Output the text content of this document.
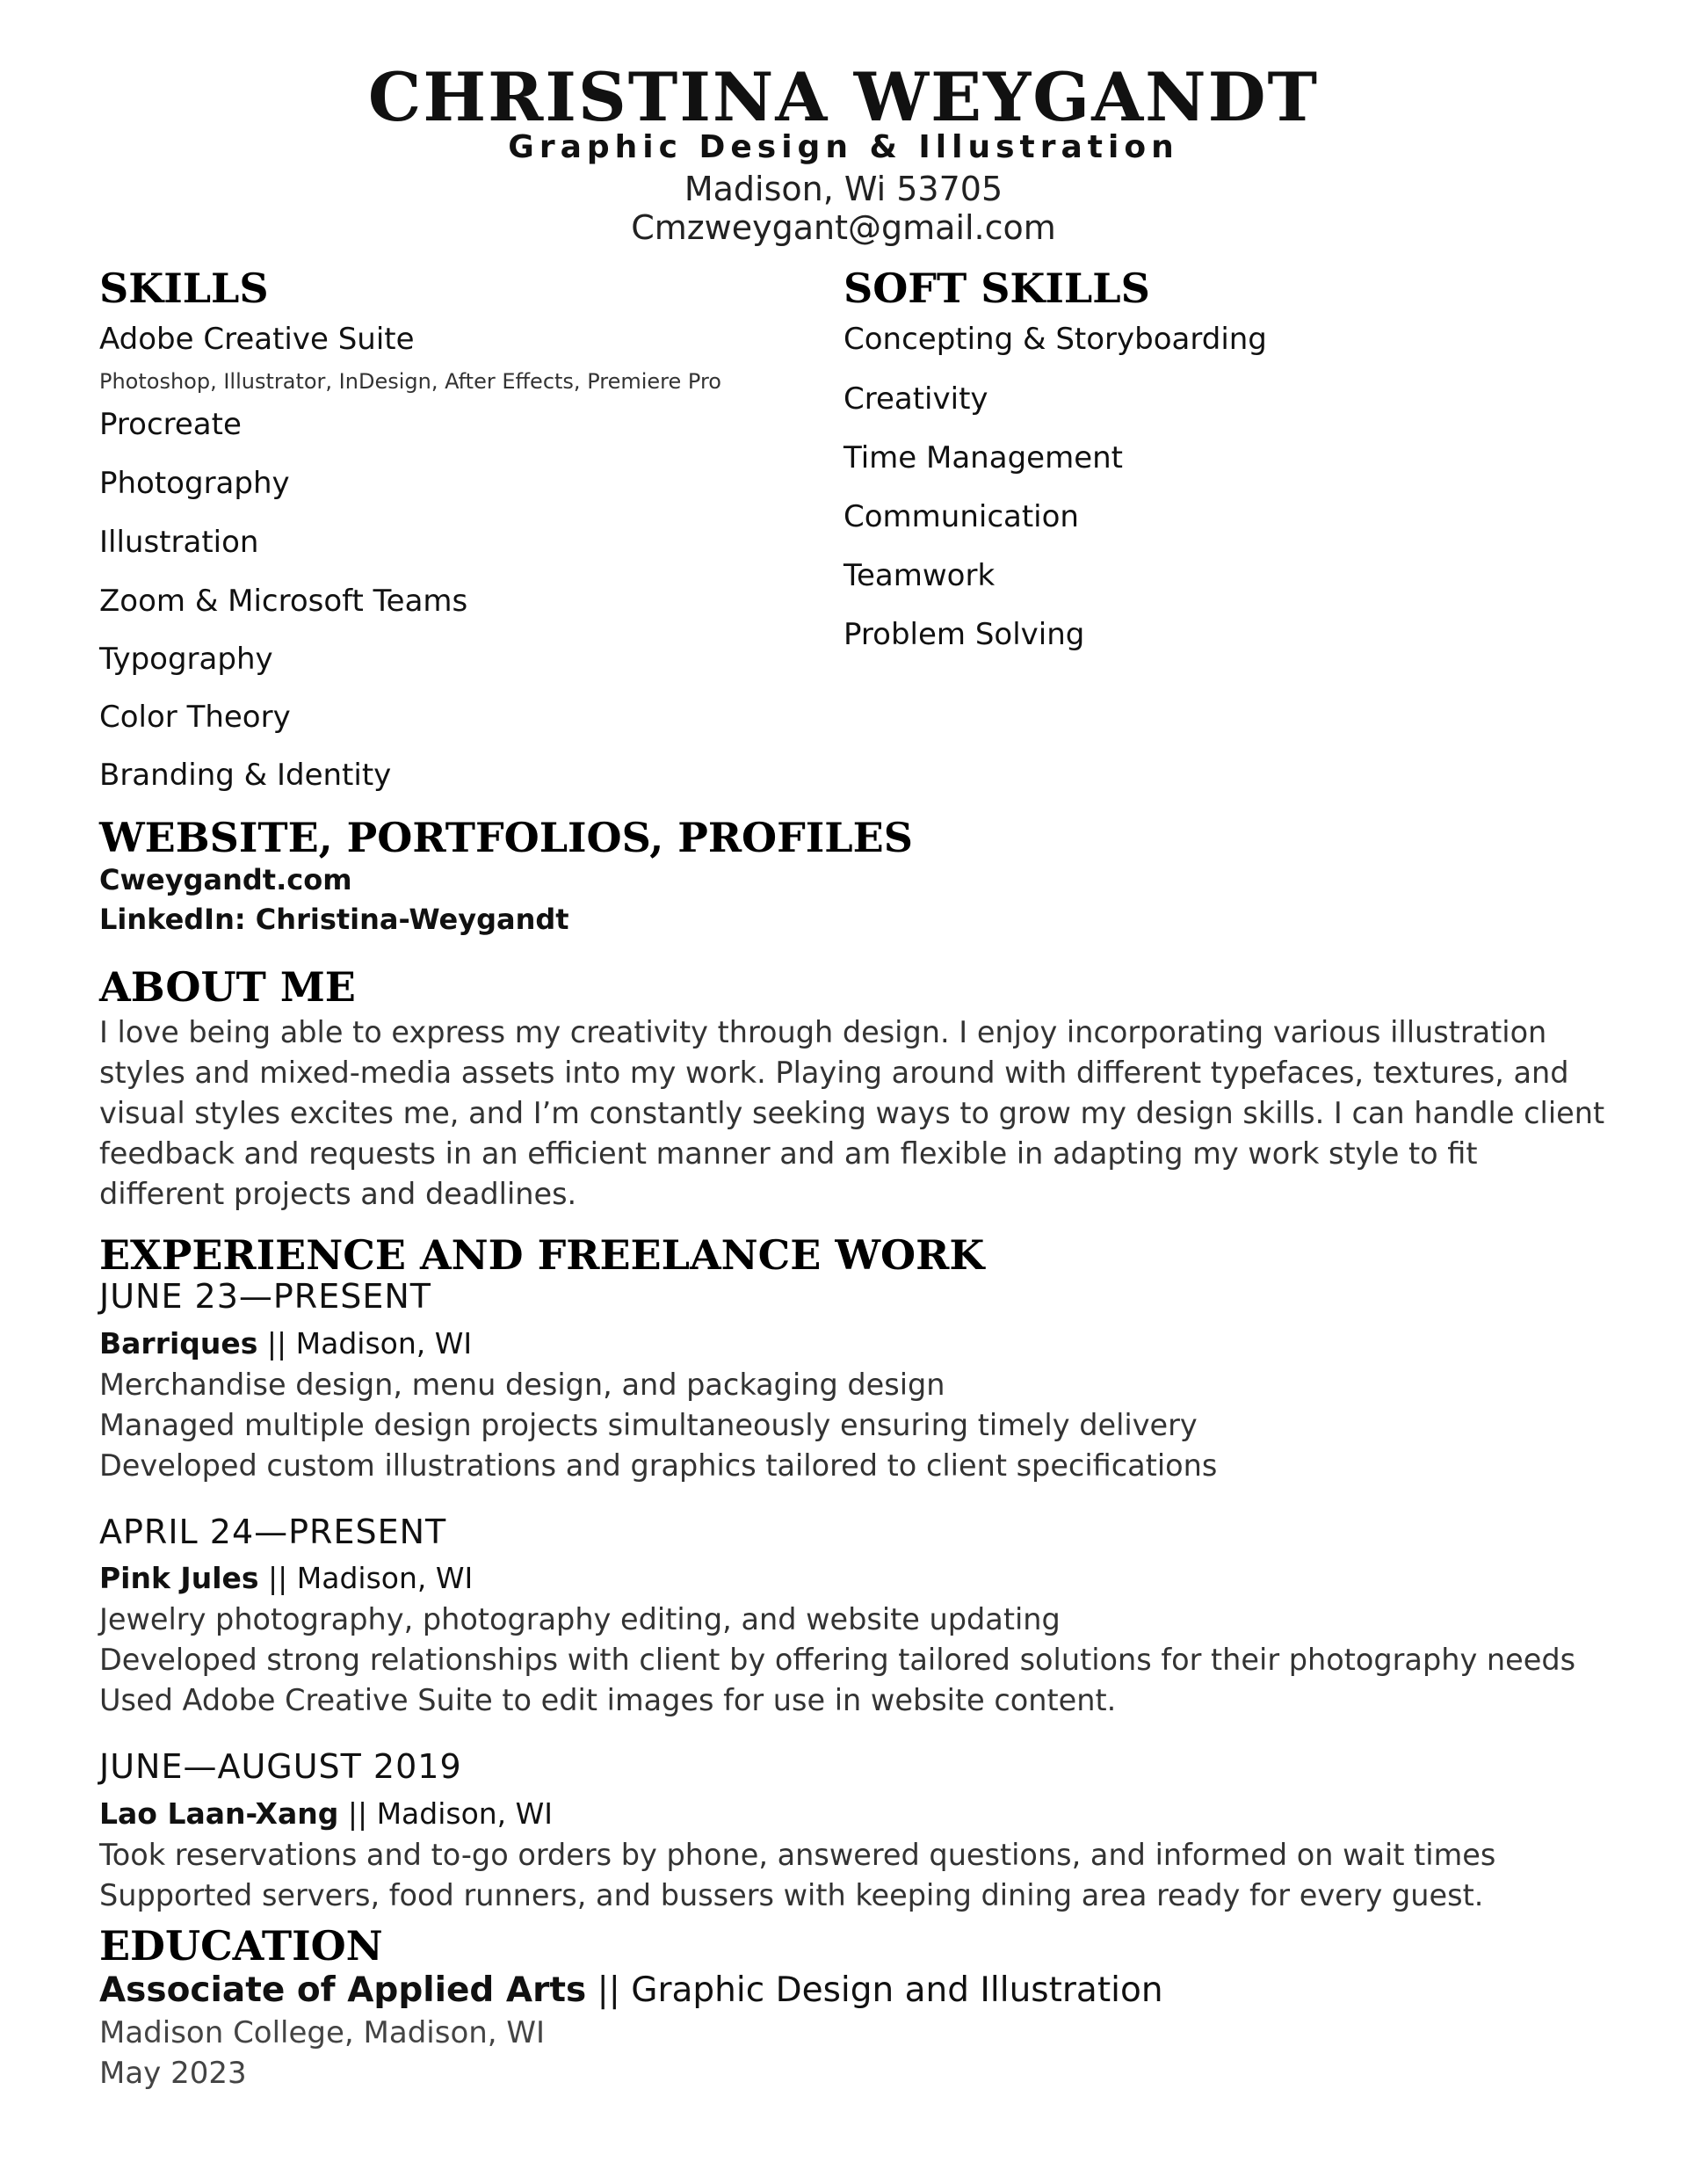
CHRISTINA WEYGANDT
Graphic Design & Illustration
Madison, Wi 53705
Cmzweygant@gmail.com
SKILLS
Adobe Creative Suite
Photoshop, Illustrator, InDesign, After Effects, Premiere Pro
Procreate
Photography
Illustration
Zoom & Microsoft Teams
Typography
Color Theory
Branding & Identity
SOFT SKILLS
Concepting & Storyboarding
Creativity
Time Management
Communication
Teamwork
Problem Solving
WEBSITE, PORTFOLIOS, PROFILES
Cweygandt.com
LinkedIn: Christina-Weygandt
ABOUT ME
I love being able to express my creativity through design. I enjoy incorporating various illustration styles and mixed-media assets into my work. Playing around with different typefaces, textures, and visual styles excites me, and I’m constantly seeking ways to grow my design skills. I can handle client feedback and requests in an efficient manner and am flexible in adapting my work style to fit different projects and deadlines.
EXPERIENCE AND FREELANCE WORK
JUNE 23—PRESENT
Barriques || Madison, WI
Merchandise design, menu design, and packaging design
Managed multiple design projects simultaneously ensuring timely delivery
Developed custom illustrations and graphics tailored to client specifications
APRIL 24—PRESENT
Pink Jules || Madison, WI
Jewelry photography, photography editing, and website updating
Developed strong relationships with client by offering tailored solutions for their photography needs
Used Adobe Creative Suite to edit images for use in website content.
JUNE—AUGUST 2019
Lao Laan-Xang || Madison, WI
Took reservations and to-go orders by phone, answered questions, and informed on wait times
Supported servers, food runners, and bussers with keeping dining area ready for every guest.
EDUCATION
Associate of Applied Arts || Graphic Design and Illustration
Madison College, Madison, WI
May 2023
